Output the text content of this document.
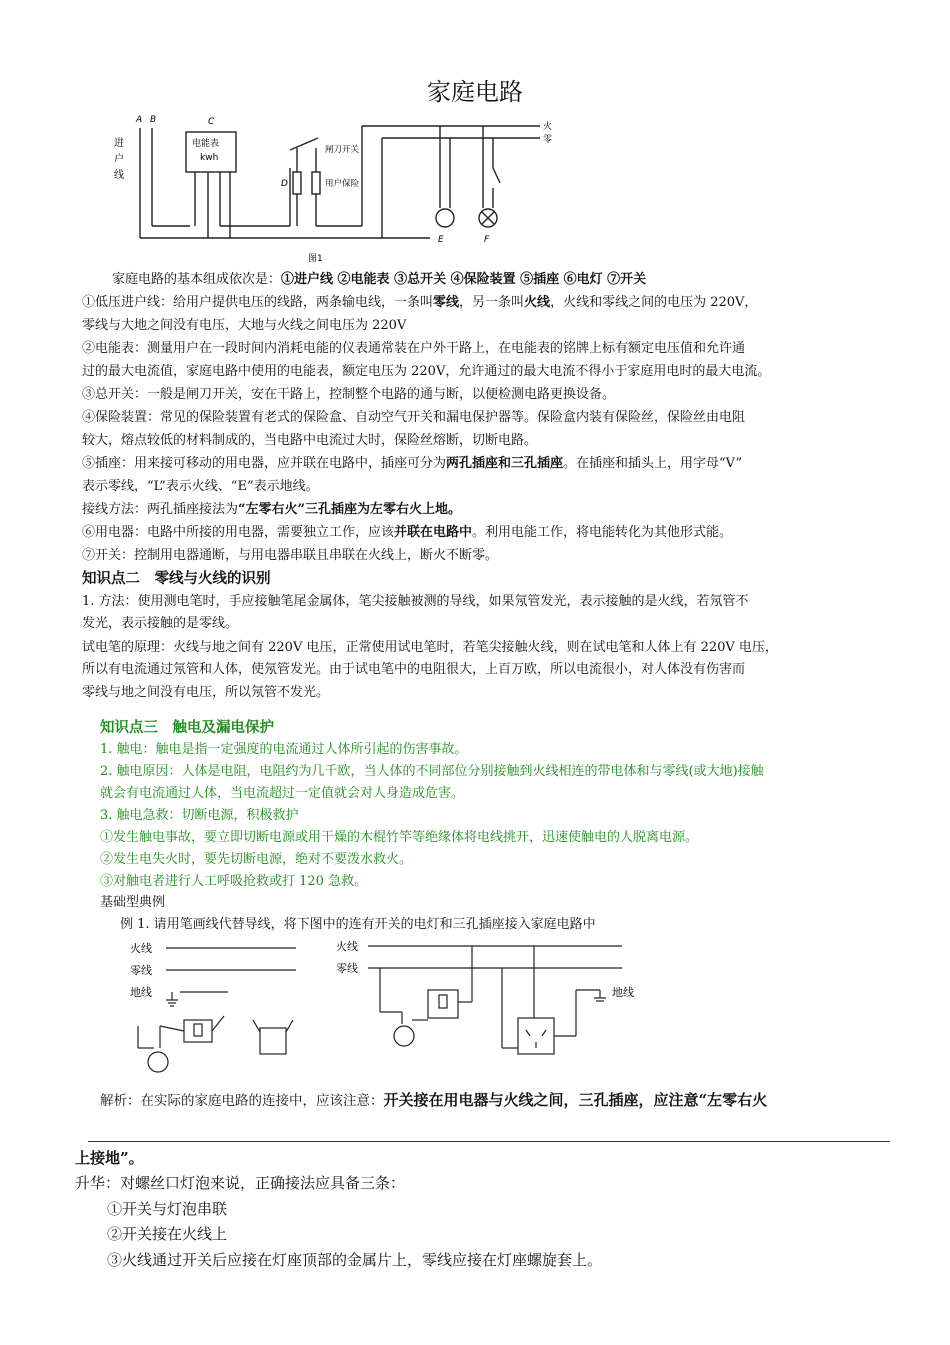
家庭电路
A B	C
进
户
线
电能表
kwh
闸刀开关
用户保险
D
E	F
火
零
图1
家庭电路的基本组成依次是：①进户线 ②电能表 ③总开关 ④保险装置 ⑤插座 ⑥电灯 ⑦开关
①低压进户线：给用户提供电压的线路，两条输电线，一条叫零线，另一条叫火线，火线和零线之间的电压为 220V，
零线与大地之间没有电压，大地与火线之间电压为 220V
②电能表：测量用户在一段时间内消耗电能的仪表通常装在户外干路上，在电能表的铭牌上标有额定电压值和允许通
过的最大电流值，家庭电路中使用的电能表，额定电压为 220V，允许通过的最大电流不得小于家庭用电时的最大电流。
③总开关：一般是闸刀开关，安在干路上，控制整个电路的通与断，以便检测电路更换设备。
④保险装置：常见的保险装置有老式的保险盒、自动空气开关和漏电保护器等。保险盒内装有保险丝，保险丝由电阻
较大，熔点较低的材料制成的，当电路中电流过大时，保险丝熔断，切断电路。
⑤插座：用来接可移动的用电器，应并联在电路中，插座可分为两孔插座和三孔插座。在插座和插头上，用字母“V”
表示零线，“L”表示火线、“E”表示地线。
接线方法：两孔插座接法为“左零右火”三孔插座为左零右火上地。
⑥用电器：电路中所接的用电器，需要独立工作，应该并联在电路中。利用电能工作，将电能转化为其他形式能。
⑦开关：控制用电器通断，与用电器串联且串联在火线上，断火不断零。
知识点二　零线与火线的识别
1. 方法：使用测电笔时，手应接触笔尾金属体，笔尖接触被测的导线，如果氖管发光，表示接触的是火线，若氖管不
发光，表示接触的是零线。
试电笔的原理：火线与地之间有 220V 电压，正常使用试电笔时，若笔尖接触火线，则在试电笔和人体上有 220V 电压，
所以有电流通过氖管和人体，使氖管发光。由于试电笔中的电阻很大，上百万欧，所以电流很小，对人体没有伤害而
零线与地之间没有电压，所以氖管不发光。
知识点三　触电及漏电保护
1. 触电：触电是指一定强度的电流通过人体所引起的伤害事故。
2. 触电原因：人体是电阻，电阻约为几千欧，当人体的不同部位分别接触到火线相连的带电体和与零线(或大地)接触
就会有电流通过人体，当电流超过一定值就会对人身造成危害。
3. 触电急救：切断电源，积极救护
①发生触电事故，要立即切断电源或用干燥的木棍竹竿等绝缘体将电线挑开，迅速使触电的人脱离电源。
②发生电失火时，要先切断电源，绝对不要泼水救火。
③对触电者进行人工呼吸抢救或打 120 急救。
基础型典例
例 1. 请用笔画线代替导线，将下图中的连有开关的电灯和三孔插座接入家庭电路中
火线
零线
地线
火线
零线
地线
解析：在实际的家庭电路的连接中，应该注意：开关接在用电器与火线之间，三孔插座，应注意“左零右火
上接地”。
升华：对螺丝口灯泡来说，正确接法应具备三条：
①开关与灯泡串联
②开关接在火线上
③火线通过开关后应接在灯座顶部的金属片上，零线应接在灯座螺旋套上。
